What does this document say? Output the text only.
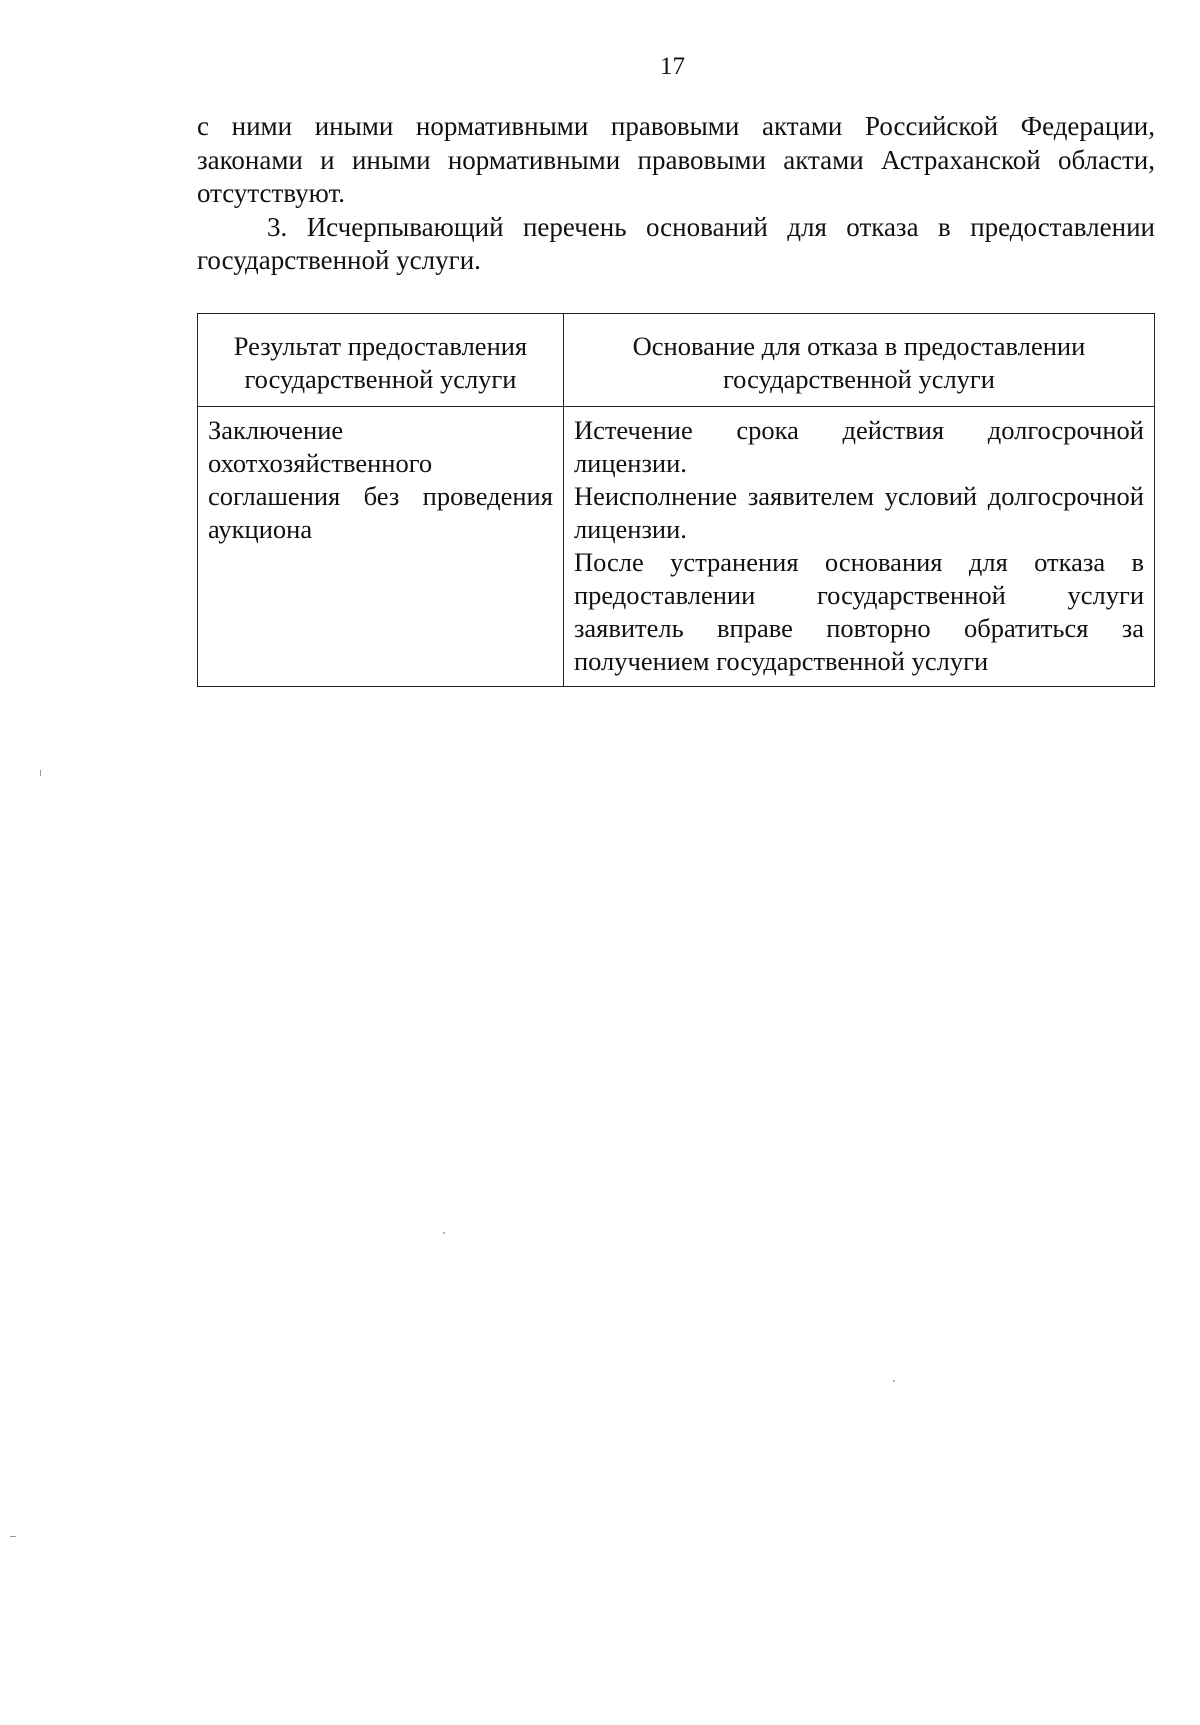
17

с ними иными нормативными правовыми актами Российской Федерации, законами и иными нормативными правовыми актами Астраханской области, отсутствуют.

3. Исчерпывающий перечень оснований для отказа в предоставлении государственной услуги.

Результат предоставления государственной услуги	Основание для отказа в предоставлении государственной услуги
Заключение охотхозяйственного соглашения без проведения аукциона	Истечение срока действия долгосрочной лицензии.
Неисполнение заявителем условий долгосрочной лицензии.
После устранения основания для отказа в предоставлении государственной услуги заявитель вправе повторно обратиться за получением государственной услуги
